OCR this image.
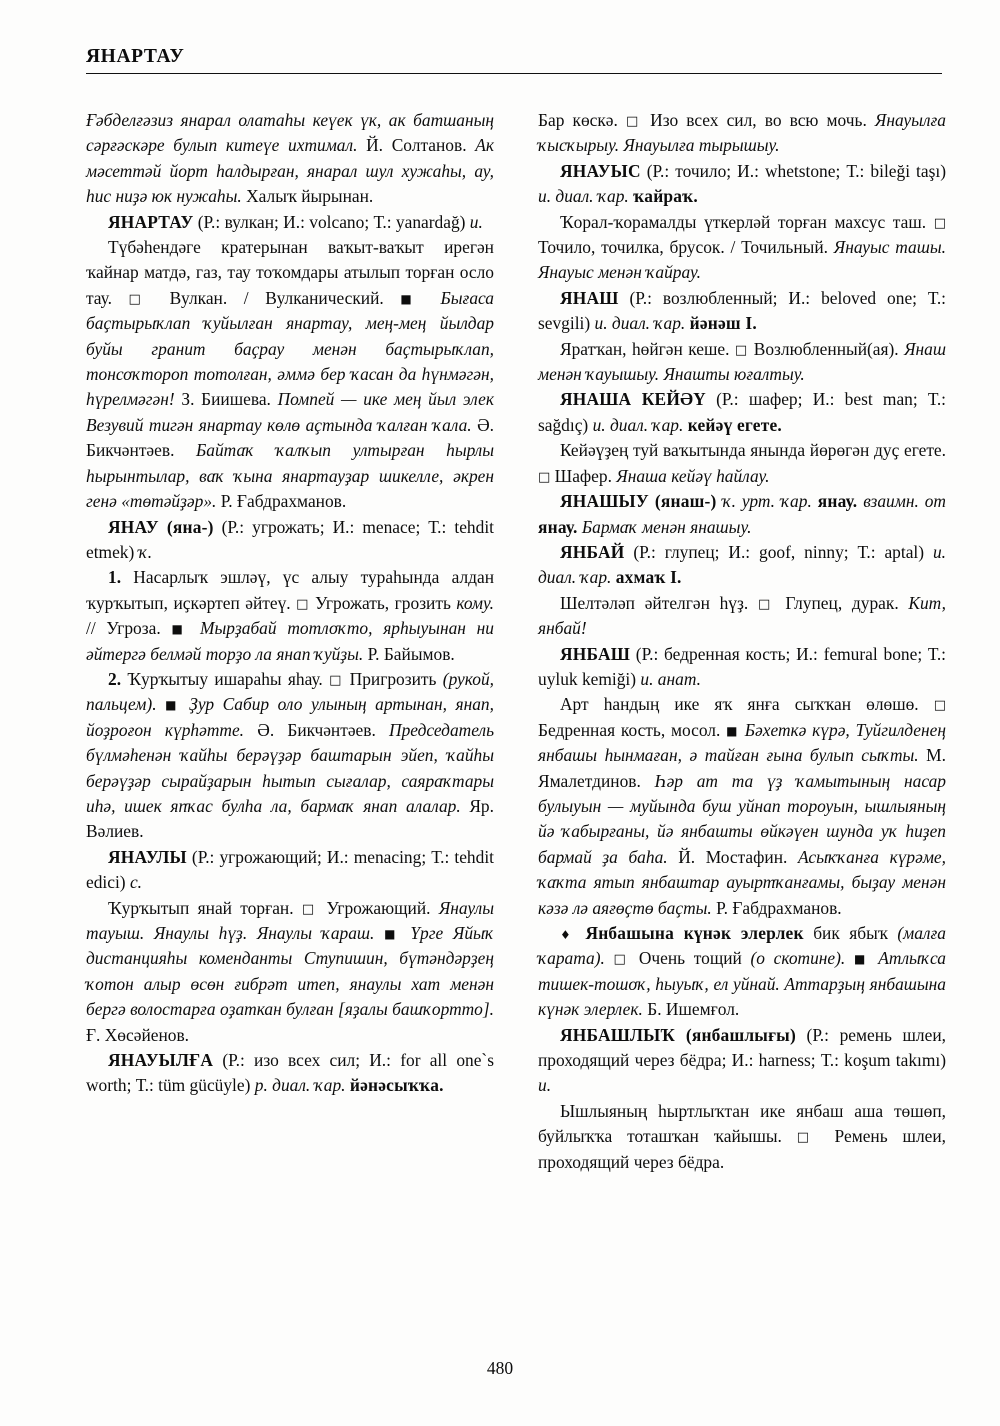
ЯНАРТАУ

Ғәбделғәзиз янарал олатаһы кеүек үк, ак батшаның сәрғәскәре булып китеүе ихтимал. Й. Солтанов. Ак мәсеттәй йорт һалдырған, янарал шул хужаһы, ау, һис ниҙә юк нужаһы. Халыҡ йырынан.

ЯНАРТАУ (Р.: вулкан; И.: volcano; Т.: yanardağ) и.

Түбәһендәге кратерынан ваҡыт-ваҡыт ирегән ҡайнар матдә, газ, тау тоҡомдары атылып торған осло тау. □ Вулкан. / Вулканический. ■ Бығаса баҫтырыҡлап ҡуйылған янартау, мең-мең йылдар буйы гранит баҫрау менән баҫтырыҡлап, тонсоҡтороп тотолған, әммә бер ҡасан да һүнмәгән, һүрелмәгән! З. Биишева. Помпей — ике мең йыл элек Везувий тигән янартау көлө аҫтында ҡалған ҡала. Ә. Бикчәнтәев. Байтаҡ ҡалҡып ултырған һырлы һырынтылар, ваҡ ҡына янартауҙар шикелле, әкрен генә «төтәйҙәр». Р. Ғабдрахманов.

ЯНАУ (яна-) (Р.: угрожать; И.: menace; Т.: tehdit etmek) ҡ.

1. Насарлыҡ эшләү, үс алыу тураһында алдан ҡурҡытып, иҫкәртеп әйтеү. □ Угрожать, грозить кому. // Угроза. ■ Мырҙабай тотлоҡто, ярһыуынан ни әйтергә белмәй торҙо ла янап ҡуйҙы. Р. Байымов.

2. Ҡурҡытыу ишараһы яһау. □ Пригрозить (рукой, пальцем). ■ Ҙур Сабир оло улының артынан, янап, йоҙроғон күрһәтте. Ә. Бикчәнтәев. Председатель бүлмәһенән ҡайһы берәүҙәр баштарын эйеп, ҡайһы берәүҙәр сырайҙарын һытып сығалар, саяраҡтары иһә, ишек япҡас булһа ла, бармаҡ янап алалар. Яр. Вәлиев.

ЯНАУЛЫ (Р.: угрожающий; И.: menacing; Т.: tehdit edici) с.

Ҡурҡытып янай торған. □ Угрожающий. Янаулы тауыш. Янаулы һүҙ. Янаулы ҡараш. ■ Үрге Яйыҡ дистанцияһы коменданты Ступишин, бүтәндәрҙең ҡотон алыр өсөн ғибрәт итеп, янаулы хат менән бергә волостарға оҙаткан булған [яҙалы башҡортто]. Ғ. Хөсәйенов.

ЯНАУЫЛҒА (Р.: изо всех сил; И.: for all one`s worth; Т.: tüm gücüyle) р. диал. ҡар. йәнәсыҡҡа.

Бар көскә. □ Изо всех сил, во всю мочь. Янауылға ҡысҡырыу. Янауылға тырышыу.

ЯНАУЫС (Р.: точило; И.: whetstone; Т.: bileği taşı) и. диал. ҡар. ҡайраҡ.

Ҡорал-ҡорамалды үткерләй торған махсус таш. □ Точило, точилка, брусок. / Точильный. Янауыс ташы. Янауыс менән ҡайрау.

ЯНАШ (Р.: возлюбленный; И.: beloved one; Т.: sevgili) и. диал. ҡар. йәнәш I.

Яратҡан, һөйгән кеше. □ Возлюбленный(ая). Янаш менән ҡауышыу. Янашты юғалтыу.

ЯНАША КЕЙӘҮ (Р.: шафер; И.: best man; Т.: sağdıç) и. диал. ҡар. кейәү егете.

Кейәүҙең туй ваҡытында янында йөрөгән дуҫ егете. □ Шафер. Янаша кейәү һайлау.

ЯНАШЫУ (янаш-) ҡ. урт. ҡар. янау. взаимн. от янау. Бармаҡ менән янашыу.

ЯНБАЙ (Р.: глупец; И.: goof, ninny; Т.: aptal) и. диал. ҡар. ахмаҡ I.

Шелтәләп әйтелгән һүҙ. □ Глупец, дурак. Кит, янбай!

ЯНБАШ (Р.: бедренная кость; И.: femural bone; Т.: uyluk kemiği) и. анат.

Арт һандың ике яҡ янға сыҡҡан өлөшө. □ Бедренная кость, мосол. ■ Бәхеткә күрә, Туйгилденең янбашы һынмаған, ә тайған ғына булып сыҡты. М. Ямалетдинов. Һәр ат та үҙ ҡамытының насар булыуын — муйында буш уйнап тороуын, ышлыяның йә ҡабырғаны, йә янбашты өйкәүен шунда уҡ һиҙеп бармай ҙа баһа. Й. Мостафин. Асыҡҡанға күрәме, ҡаҡта ятып янбаштар ауыртҡанғамы, быҙау менән кәзә лә аяғөҫтө баҫты. Р. Ғабдрахманов.

♦ Янбашына күнәк элерлек бик ябыҡ (малға ҡарата). □ Очень тощий (о скотине). ■ Атлыҡса тишек-тошоҡ, һыуыҡ, ел уйнай. Аттарҙың янбашына күнәк элерлек. Б. Ишемғол.

ЯНБАШЛЫҠ (янбашлығы) (Р.: ремень шлеи, проходящий через бёдра; И.: harness; Т.: koşum takımı) и.

Ышлыяның һыртлыҡтан ике янбаш аша төшөп, буйлыҡҡа тоташҡан ҡайышы. □ Ремень шлеи, проходящий через бёдра.

480
